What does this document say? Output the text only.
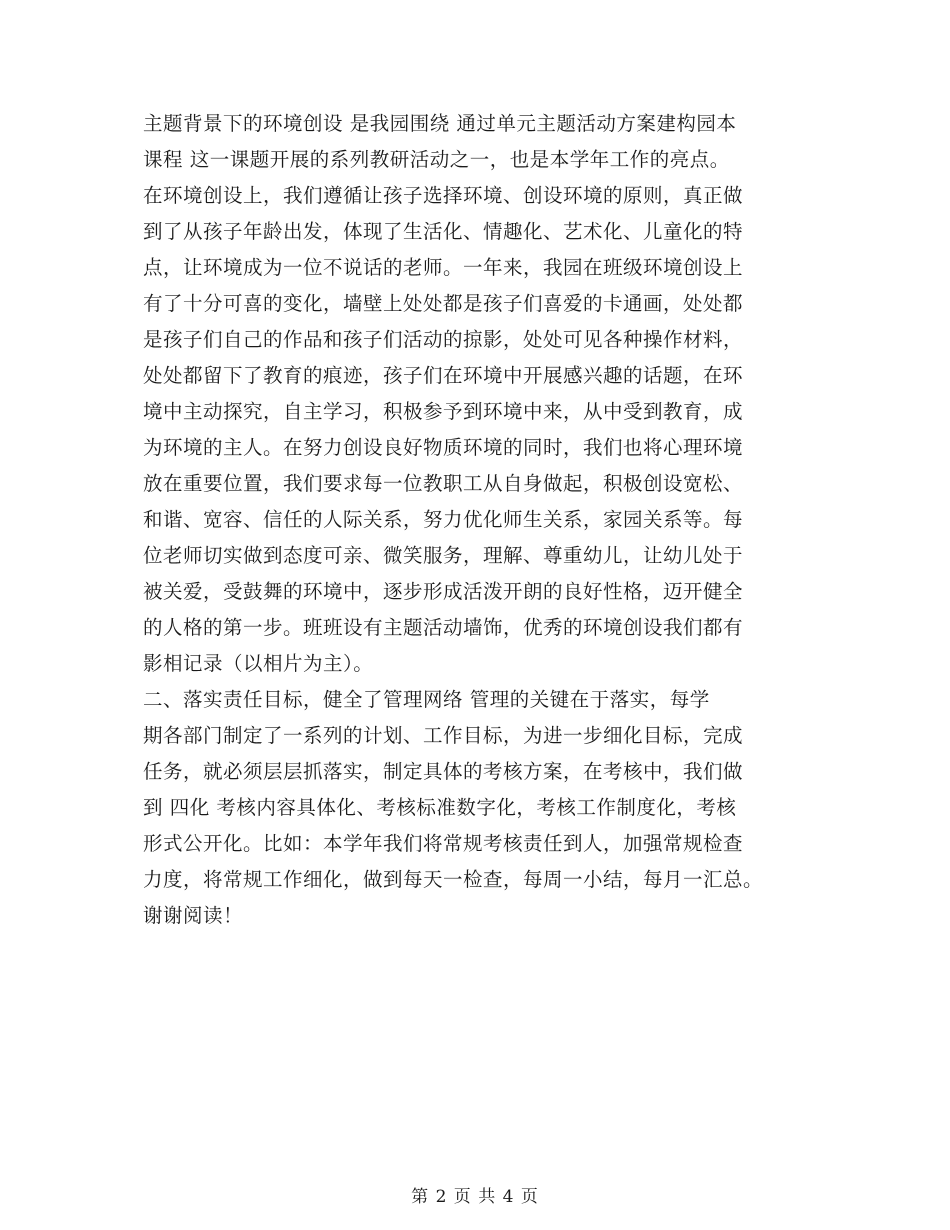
主题背景下的环境创设 是我园围绕 通过单元主题活动方案建构园本
课程 这一课题开展的系列教研活动之一，也是本学年工作的亮点。
在环境创设上，我们遵循让孩子选择环境、创设环境的原则，真正做
到了从孩子年龄出发，体现了生活化、情趣化、艺术化、儿童化的特
点，让环境成为一位不说话的老师。一年来，我园在班级环境创设上
有了十分可喜的变化，墙壁上处处都是孩子们喜爱的卡通画，处处都
是孩子们自己的作品和孩子们活动的掠影，处处可见各种操作材料，
处处都留下了教育的痕迹，孩子们在环境中开展感兴趣的话题，在环
境中主动探究，自主学习，积极参予到环境中来，从中受到教育，成
为环境的主人。在努力创设良好物质环境的同时，我们也将心理环境
放在重要位置，我们要求每一位教职工从自身做起，积极创设宽松、
和谐、宽容、信任的人际关系，努力优化师生关系，家园关系等。每
位老师切实做到态度可亲、微笑服务，理解、尊重幼儿，让幼儿处于
被关爱，受鼓舞的环境中，逐步形成活泼开朗的良好性格，迈开健全
的人格的第一步。班班设有主题活动墙饰，优秀的环境创设我们都有
影相记录（以相片为主）。
二、落实责任目标，健全了管理网络 管理的关键在于落实，每学
期各部门制定了一系列的计划、工作目标，为进一步细化目标，完成
任务，就必须层层抓落实，制定具体的考核方案，在考核中，我们做
到 四化 考核内容具体化、考核标准数字化，考核工作制度化，考核
形式公开化。比如：本学年我们将常规考核责任到人，加强常规检查
力度，将常规工作细化，做到每天一检查，每周一小结，每月一汇总。
谢谢阅读！
第 2 页 共 4 页
